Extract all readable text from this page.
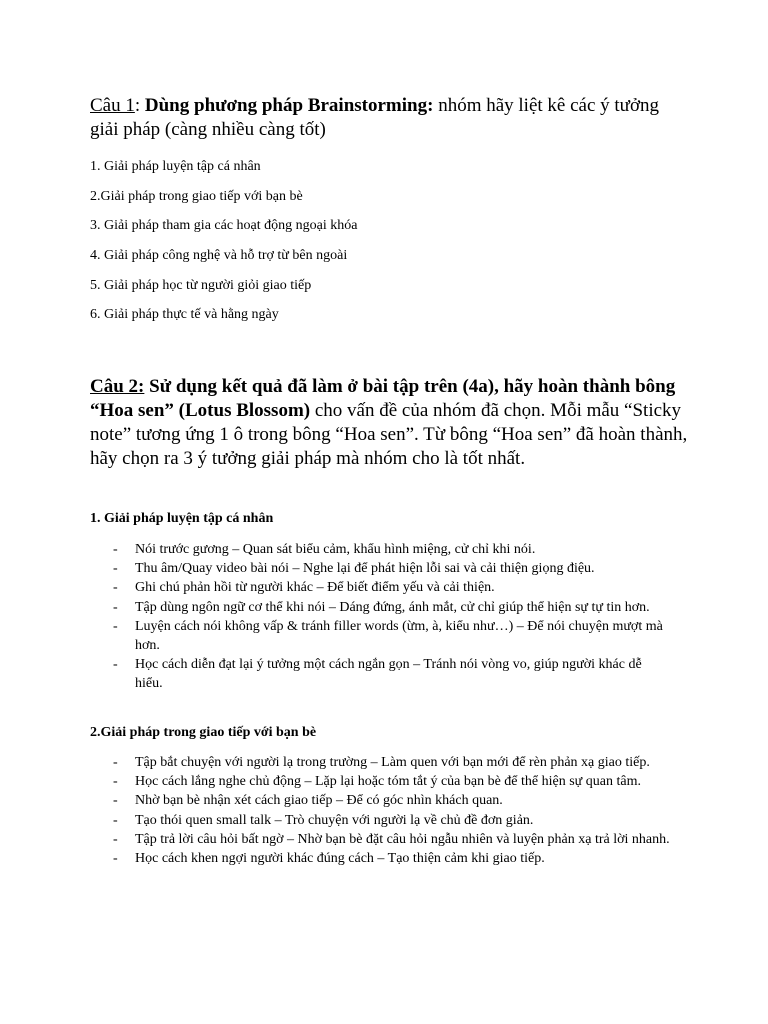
Câu 1: Dùng phương pháp Brainstorming: nhóm hãy liệt kê các ý tưởng giải pháp (càng nhiều càng tốt)
1. Giải pháp luyện tập cá nhân
2.Giải pháp trong giao tiếp với bạn bè
3. Giải pháp tham gia các hoạt động ngoại khóa
4. Giải pháp công nghệ và hỗ trợ từ bên ngoài
5. Giải pháp học từ người giỏi giao tiếp
6. Giải pháp thực tế và hằng ngày
Câu 2: Sử dụng kết quả đã làm ở bài tập trên (4a), hãy hoàn thành bông “Hoa sen” (Lotus Blossom) cho vấn đề của nhóm đã chọn. Mỗi mẫu “Sticky note” tương ứng 1 ô trong bông “Hoa sen”. Từ bông “Hoa sen” đã hoàn thành, hãy chọn ra 3 ý tưởng giải pháp mà nhóm cho là tốt nhất.
1. Giải pháp luyện tập cá nhân
- Nói trước gương – Quan sát biểu cảm, khẩu hình miệng, cử chỉ khi nói.
- Thu âm/Quay video bài nói – Nghe lại để phát hiện lỗi sai và cải thiện giọng điệu.
- Ghi chú phản hồi từ người khác – Để biết điểm yếu và cải thiện.
- Tập dùng ngôn ngữ cơ thể khi nói – Dáng đứng, ánh mắt, cử chỉ giúp thể hiện sự tự tin hơn.
- Luyện cách nói không vấp & tránh filler words (ừm, à, kiểu như…) – Để nói chuyện mượt mà hơn.
- Học cách diễn đạt lại ý tưởng một cách ngắn gọn – Tránh nói vòng vo, giúp người khác dễ hiểu.
2.Giải pháp trong giao tiếp với bạn bè
- Tập bắt chuyện với người lạ trong trường – Làm quen với bạn mới để rèn phản xạ giao tiếp.
- Học cách lắng nghe chủ động – Lặp lại hoặc tóm tắt ý của bạn bè để thể hiện sự quan tâm.
- Nhờ bạn bè nhận xét cách giao tiếp – Để có góc nhìn khách quan.
- Tạo thói quen small talk – Trò chuyện với người lạ về chủ đề đơn giản.
- Tập trả lời câu hỏi bất ngờ – Nhờ bạn bè đặt câu hỏi ngẫu nhiên và luyện phản xạ trả lời nhanh.
- Học cách khen ngợi người khác đúng cách – Tạo thiện cảm khi giao tiếp.
